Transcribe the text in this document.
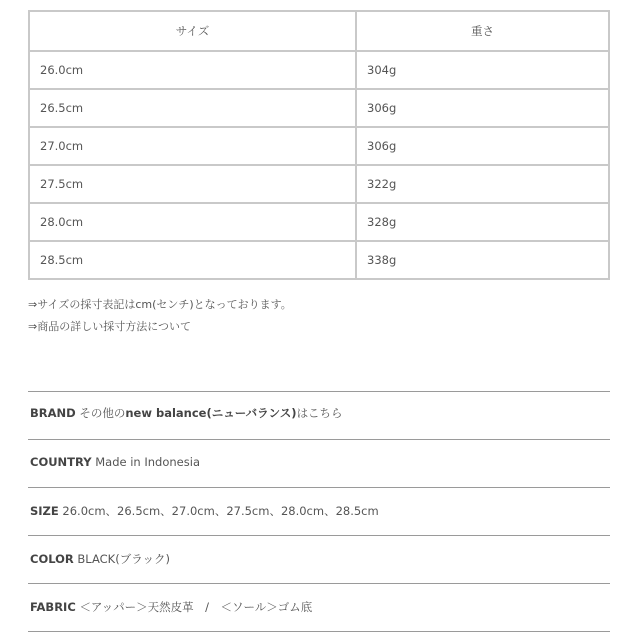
サイズ	重さ
26.0cm	304g
26.5cm	306g
27.0cm	306g
27.5cm	322g
28.0cm	328g
28.5cm	338g
⇒サイズの採寸表記はcm(センチ)となっております。
⇒商品の詳しい採寸方法について
BRAND その他のnew balance(ニューバランス)はこちら
COUNTRY Made in Indonesia
SIZE 26.0cm、26.5cm、27.0cm、27.5cm、28.0cm、28.5cm
COLOR BLACK(ブラック)
FABRIC ＜アッパー＞天然皮革　/　＜ソール＞ゴム底
